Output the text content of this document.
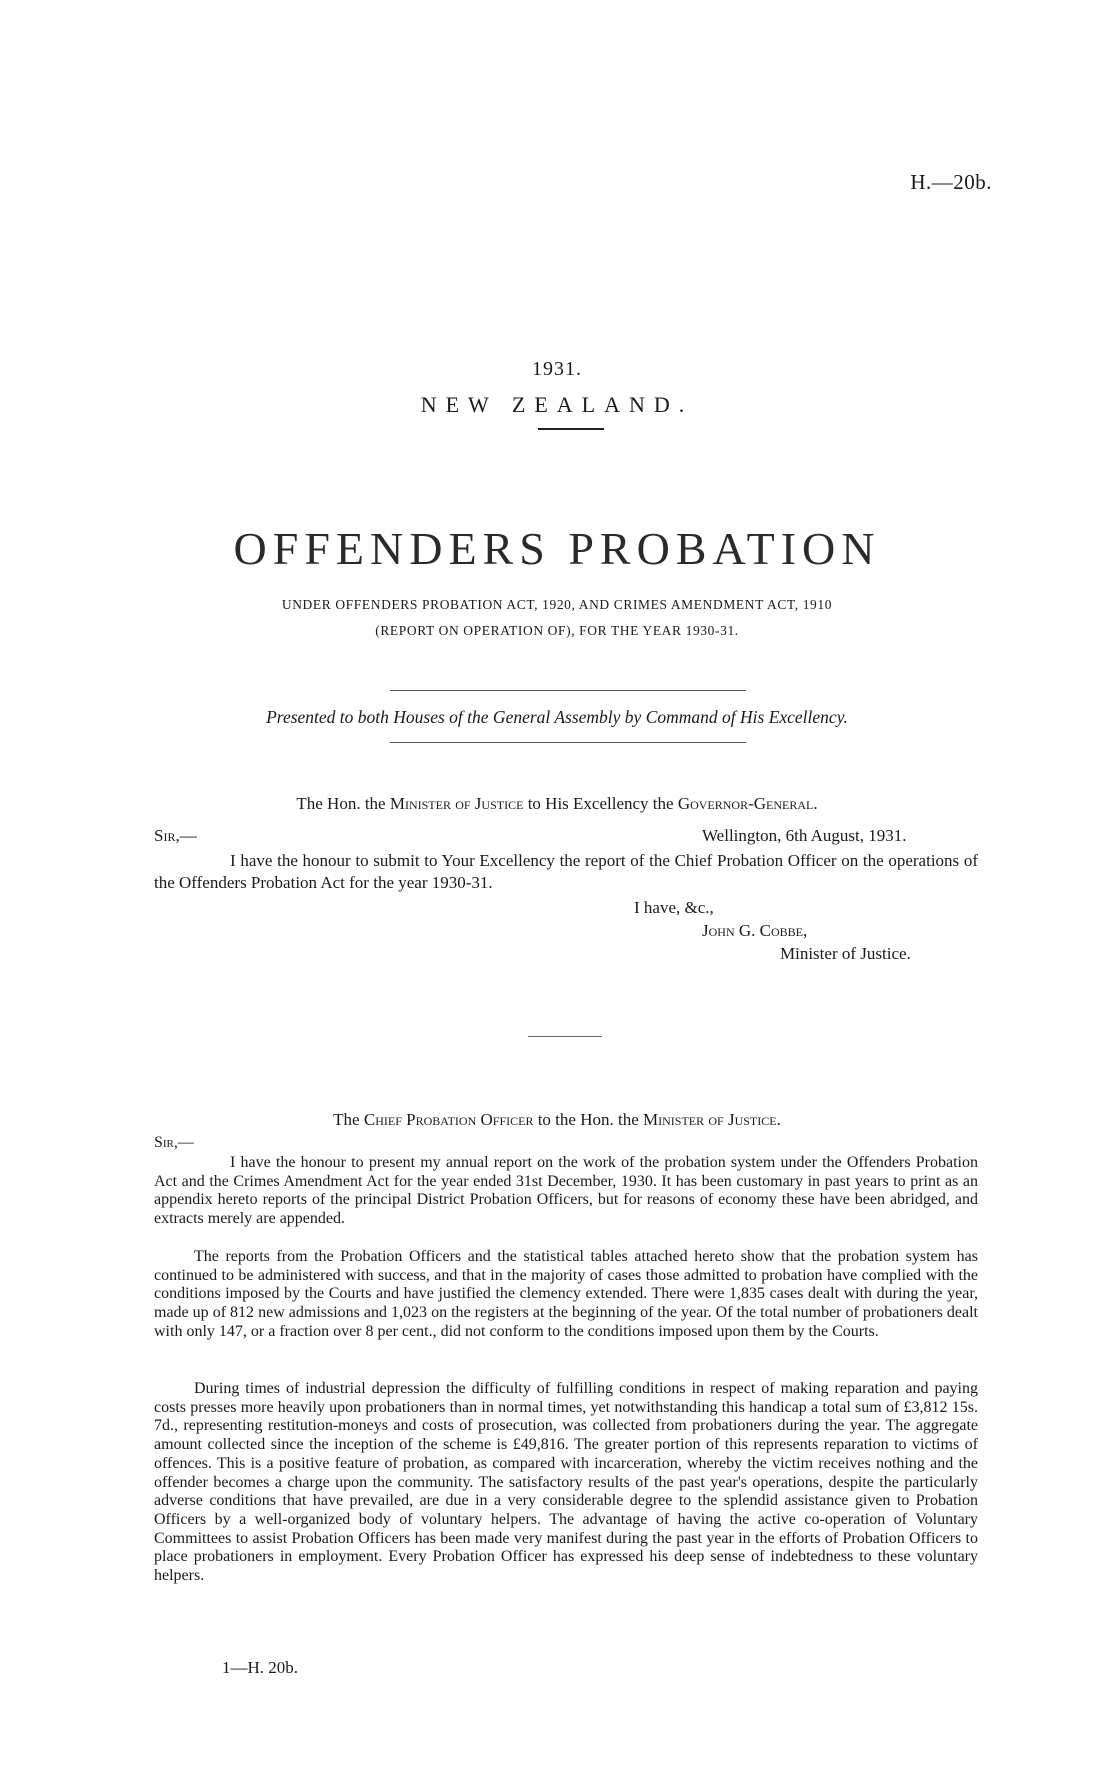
H.—20b.
1931.
NEW ZEALAND.
OFFENDERS PROBATION
UNDER OFFENDERS PROBATION ACT, 1920, AND CRIMES AMENDMENT ACT, 1910
(REPORT ON OPERATION OF), FOR THE YEAR 1930-31.
Presented to both Houses of the General Assembly by Command of His Excellency.
The Hon. the Minister of Justice to His Excellency the Governor-General.
Sir,—	Wellington, 6th August, 1931.
I have the honour to submit to Your Excellency the report of the Chief Probation Officer on the operations of the Offenders Probation Act for the year 1930-31.
I have, &c.,
John G. Cobbe,
Minister of Justice.
The Chief Probation Officer to the Hon. the Minister of Justice.
Sir,—
I have the honour to present my annual report on the work of the probation system under the Offenders Probation Act and the Crimes Amendment Act for the year ended 31st December, 1930. It has been customary in past years to print as an appendix hereto reports of the principal District Probation Officers, but for reasons of economy these have been abridged, and extracts merely are appended.
The reports from the Probation Officers and the statistical tables attached hereto show that the probation system has continued to be administered with success, and that in the majority of cases those admitted to probation have complied with the conditions imposed by the Courts and have justified the clemency extended. There were 1,835 cases dealt with during the year, made up of 812 new admissions and 1,023 on the registers at the beginning of the year. Of the total number of probationers dealt with only 147, or a fraction over 8 per cent., did not conform to the conditions imposed upon them by the Courts.
During times of industrial depression the difficulty of fulfilling conditions in respect of making reparation and paying costs presses more heavily upon probationers than in normal times, yet notwithstanding this handicap a total sum of £3,812 15s. 7d., representing restitution-moneys and costs of prosecution, was collected from probationers during the year. The aggregate amount collected since the inception of the scheme is £49,816. The greater portion of this represents reparation to victims of offences. This is a positive feature of probation, as compared with incarceration, whereby the victim receives nothing and the offender becomes a charge upon the community. The satisfactory results of the past year's operations, despite the particularly adverse conditions that have prevailed, are due in a very considerable degree to the splendid assistance given to Probation Officers by a well-organized body of voluntary helpers. The advantage of having the active co-operation of Voluntary Committees to assist Probation Officers has been made very manifest during the past year in the efforts of Probation Officers to place probationers in employment. Every Probation Officer has expressed his deep sense of indebtedness to these voluntary helpers.
1—H. 20b.
